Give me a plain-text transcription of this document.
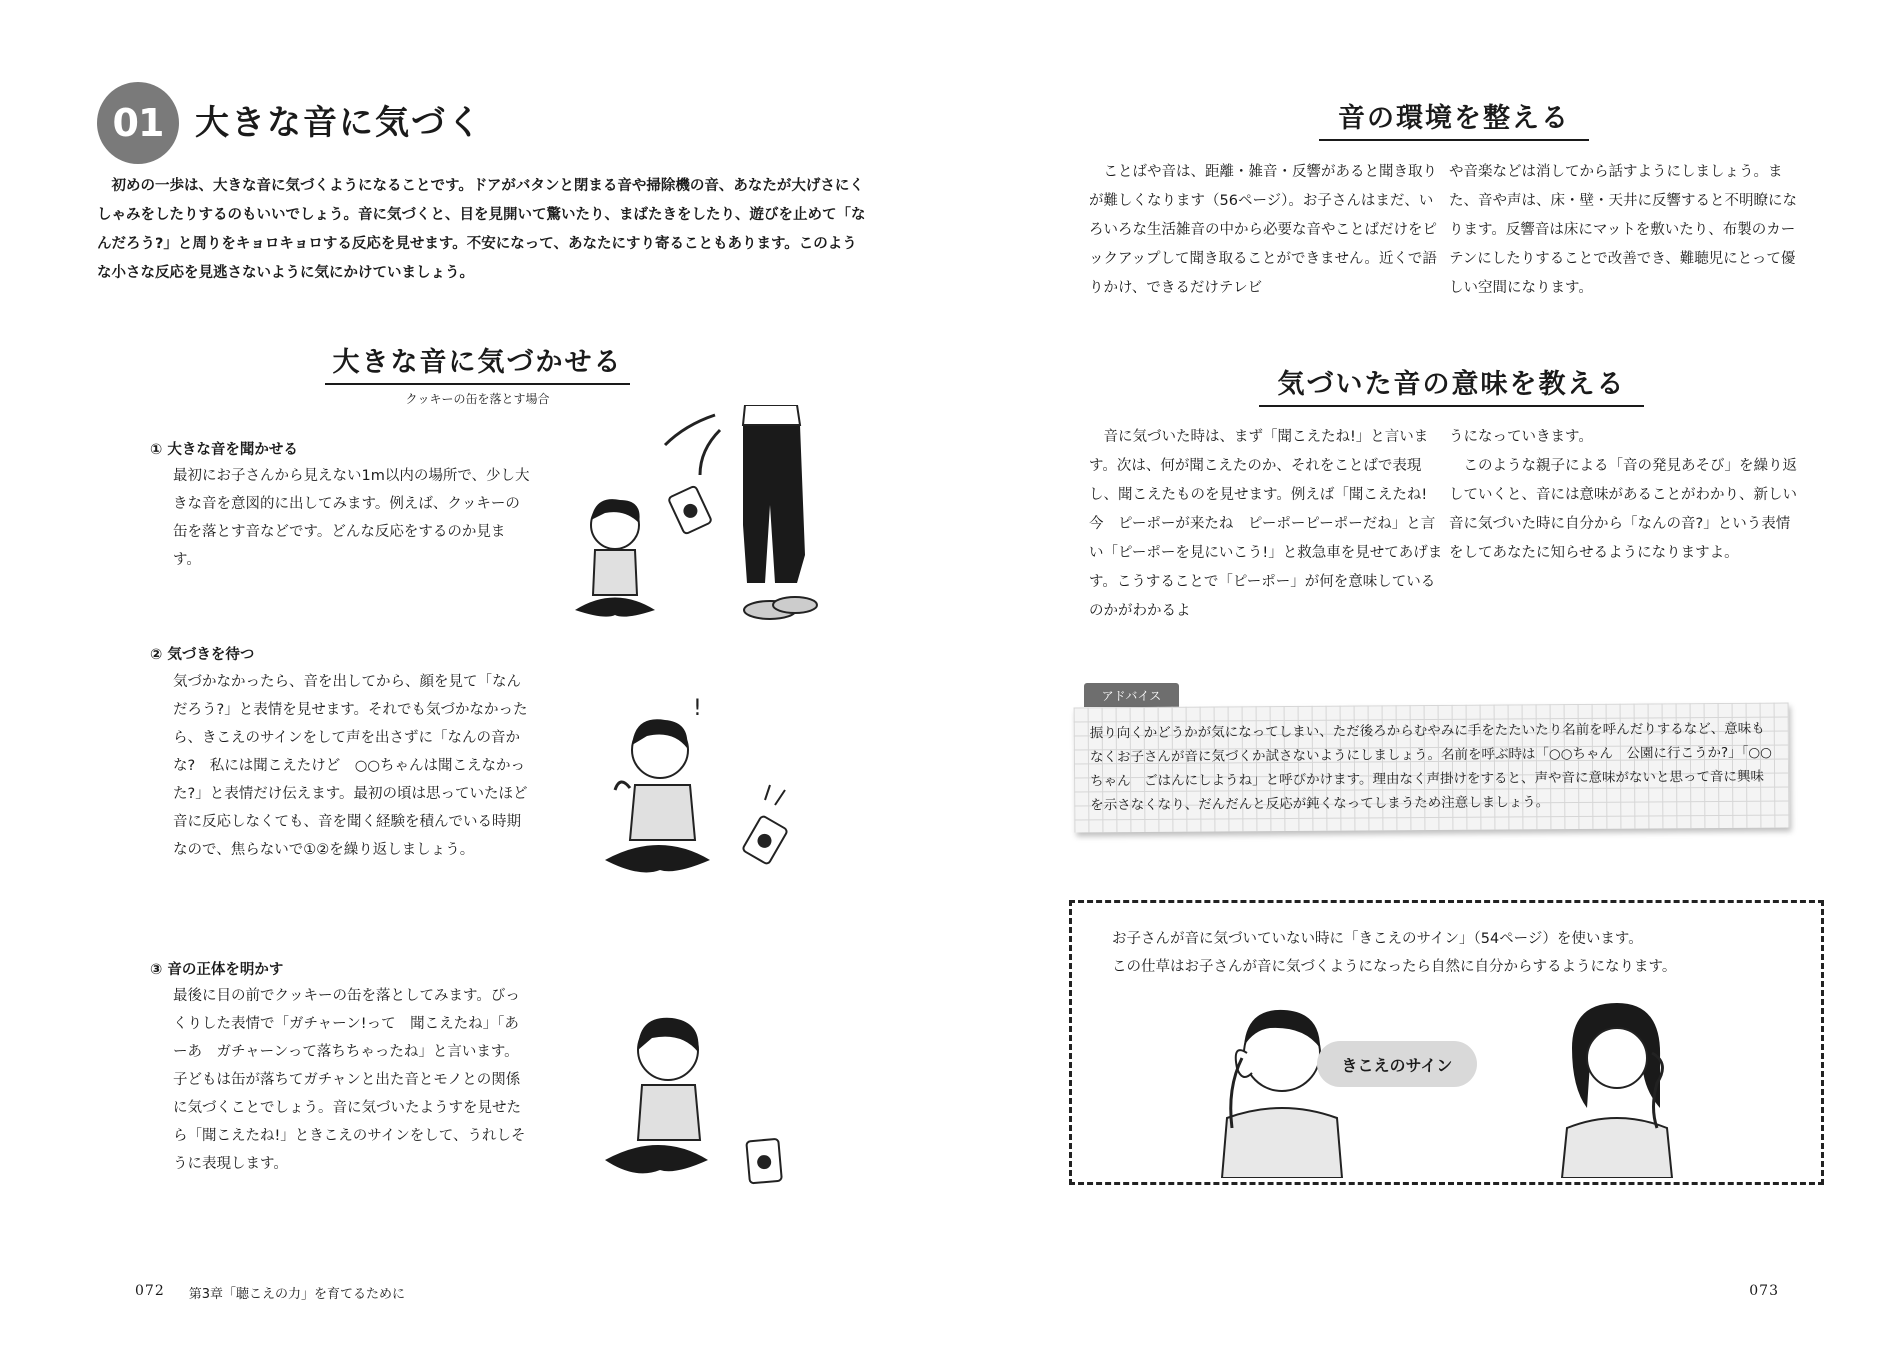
01 大きな音に気づく

初めの一歩は、大きな音に気づくようになることです。ドアがバタンと閉まる音や掃除機の音、あなたが大げさにくしゃみをしたりするのもいいでしょう。音に気づくと、目を見開いて驚いたり、まばたきをしたり、遊びを止めて「なんだろう?」と周りをキョロキョロする反応を見せます。不安になって、あなたにすり寄ることもあります。このような小さな反応を見逃さないように気にかけていましょう。

大きな音に気づかせる
クッキーの缶を落とす場合
① 大きな音を聞かせる

最初にお子さんから見えない1m以内の場所で、少し大きな音を意図的に出してみます。例えば、クッキーの缶を落とす音などです。どんな反応をするのか見ます。

② 気づきを待つ

気づかなかったら、音を出してから、顔を見て「なんだろう?」と表情を見せます。それでも気づかなかったら、きこえのサインをして声を出さずに「なんの音かな?　私には聞こえたけど　○○ちゃんは聞こえなかった?」と表情だけ伝えます。最初の頃は思っていたほど音に反応しなくても、音を聞く経験を積んでいる時期なので、焦らないで①②を繰り返しましょう。

③ 音の正体を明かす

最後に目の前でクッキーの缶を落としてみます。びっくりした表情で「ガチャーン!って　聞こえたね」「あーあ　ガチャーンって落ちちゃったね」と言います。子どもは缶が落ちてガチャンと出た音とモノとの関係に気づくことでしょう。音に気づいたようすを見せたら「聞こえたね!」ときこえのサインをして、うれしそうに表現します。

!
072 第3章「聴こえの力」を育てるために
音の環境を整える

ことばや音は、距離・雑音・反響があると聞き取りが難しくなります（56ページ）。お子さんはまだ、いろいろな生活雑音の中から必要な音やことばだけをピックアップして聞き取ることができません。近くで語りかけ、できるだけテレビ

や音楽などは消してから話すようにしましょう。また、音や声は、床・壁・天井に反響すると不明瞭になります。反響音は床にマットを敷いたり、布製のカーテンにしたりすることで改善でき、難聴児にとって優しい空間になります。

気づいた音の意味を教える

音に気づいた時は、まず「聞こえたね!」と言います。次は、何が聞こえたのか、それをことばで表現し、聞こえたものを見せます。例えば「聞こえたね!　今　ピーポーが来たね　ピーポーピーポーだね」と言い「ピーポーを見にいこう!」と救急車を見せてあげます。こうすることで「ピーポー」が何を意味しているのかがわかるよ

うになっていきます。
このような親子による「音の発見あそび」を繰り返していくと、音には意味があることがわかり、新しい音に気づいた時に自分から「なんの音?」という表情をしてあなたに知らせるようになりますよ。

アドバイス
振り向くかどうかが気になってしまい、ただ後ろからむやみに手をたたいたり名前を呼んだりするなど、意味もなくお子さんが音に気づくか試さないようにしましょう。名前を呼ぶ時は「○○ちゃん　公園に行こうか?」「○○ちゃん　ごはんにしようね」と呼びかけます。理由なく声掛けをすると、声や音に意味がないと思って音に興味を示さなくなり、だんだんと反応が鈍くなってしまうため注意しましょう。
お子さんが音に気づいていない時に「きこえのサイン」（54ページ）を使います。
この仕草はお子さんが音に気づくようになったら自然に自分からするようになります。
きこえのサイン
073
